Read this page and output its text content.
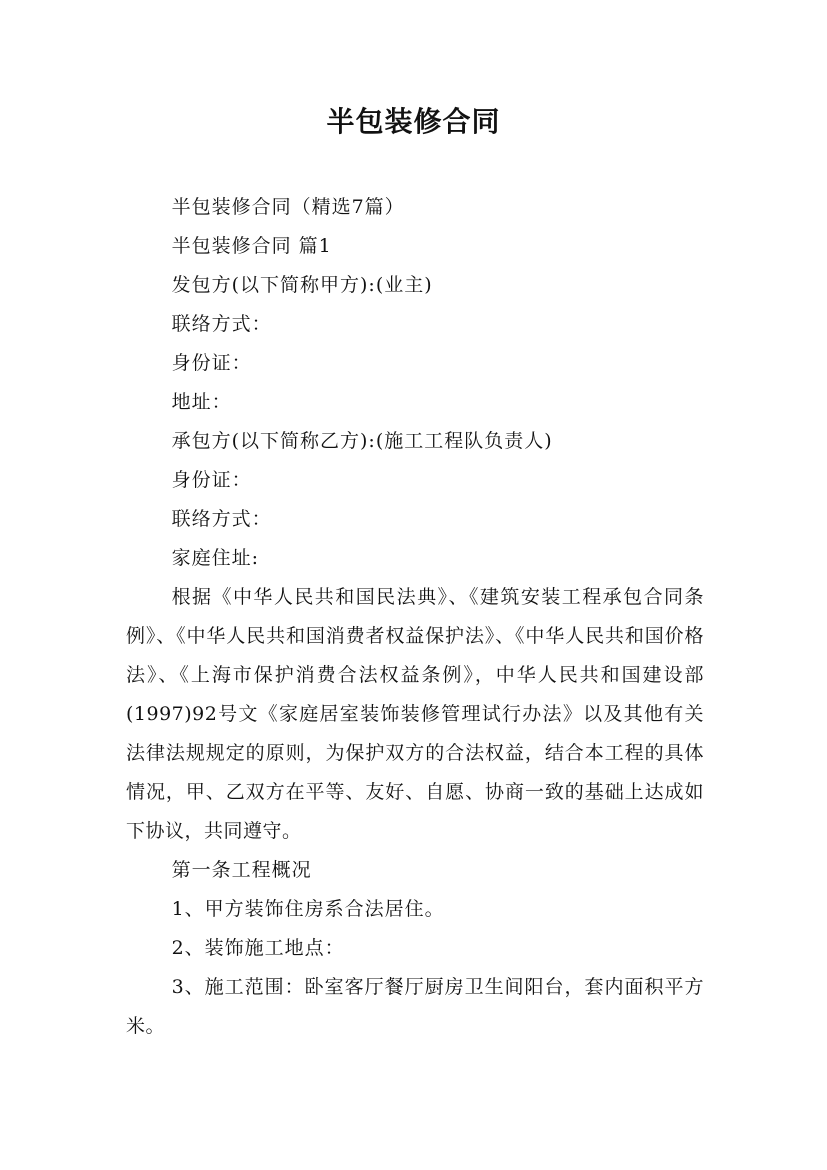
半包装修合同

半包装修合同（精选7篇）

半包装修合同 篇1

发包方(以下简称甲方):(业主)

联络方式：

身份证：

地址：

承包方(以下简称乙方):(施工工程队负责人)

身份证：

联络方式：

家庭住址:

根据《中华人民共和国民法典》、《建筑安装工程承包合同条例》、《中华人民共和国消费者权益保护法》、《中华人民共和国价格法》、《上海市保护消费合法权益条例》，中华人民共和国建设部(1997)92号文《家庭居室装饰装修管理试行办法》以及其他有关法律法规规定的原则，为保护双方的合法权益，结合本工程的具体情况，甲、乙双方在平等、友好、自愿、协商一致的基础上达成如下协议，共同遵守。

第一条工程概况

1、甲方装饰住房系合法居住。

2、装饰施工地点：

3、施工范围：卧室客厅餐厅厨房卫生间阳台，套内面积平方米。
